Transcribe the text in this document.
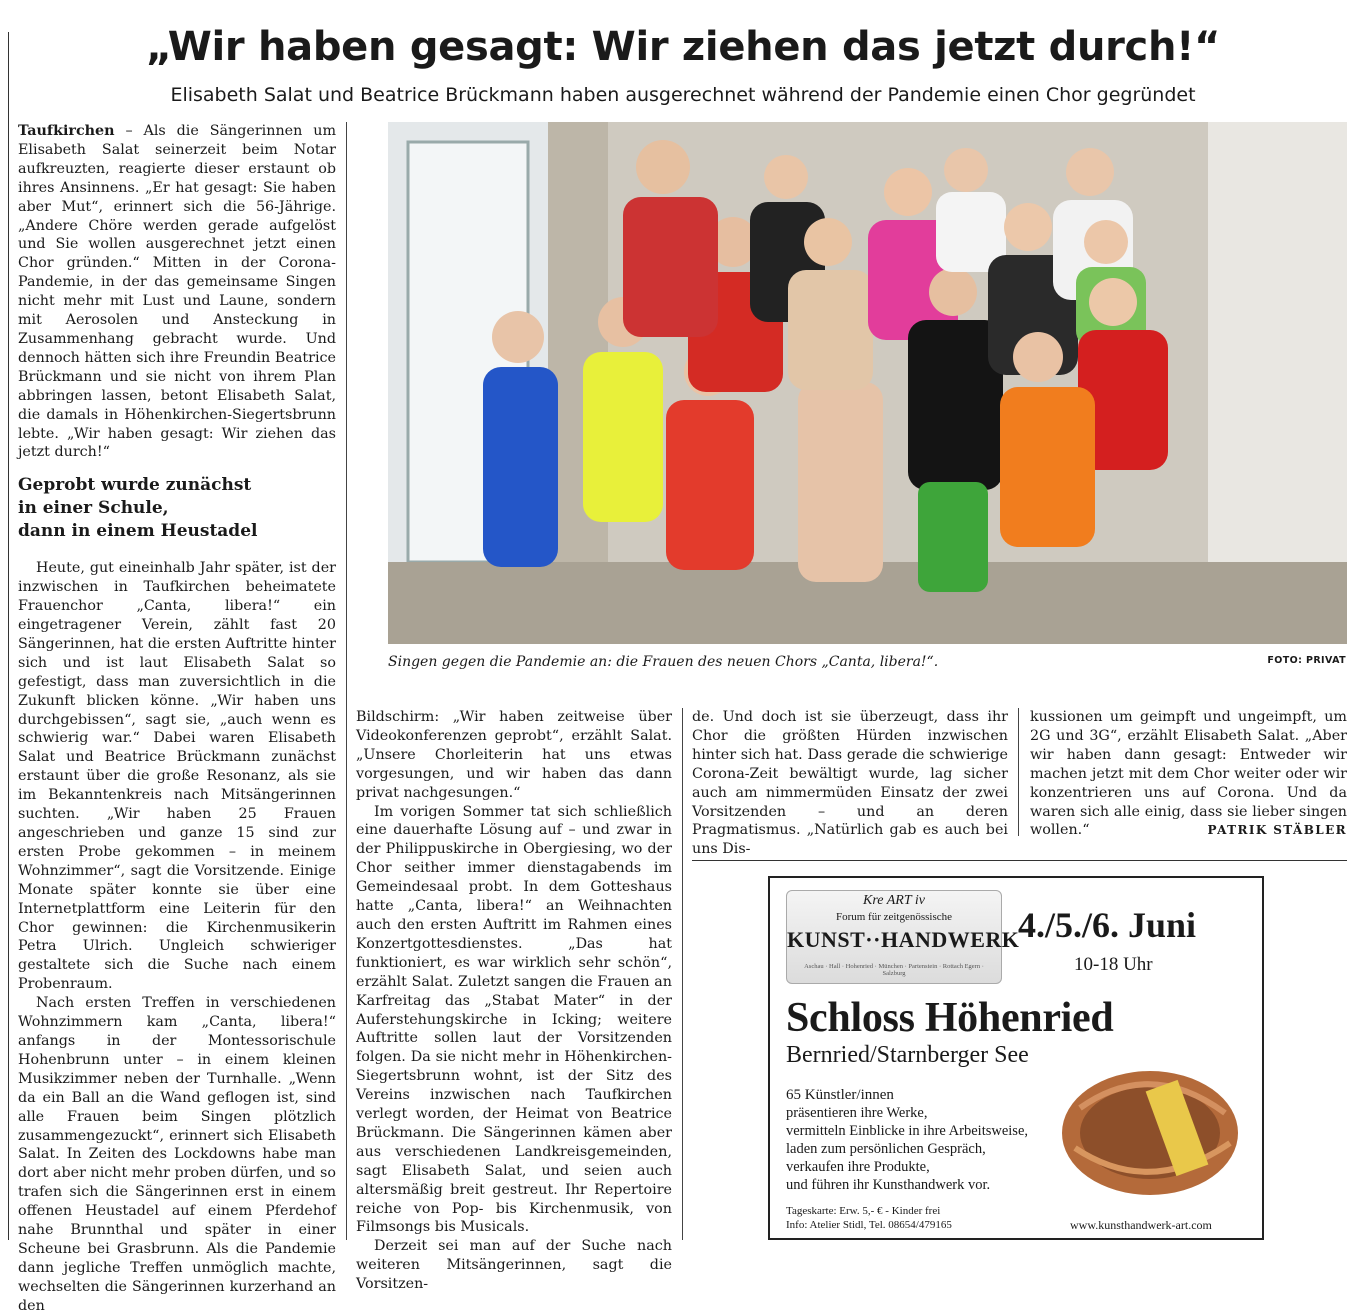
„Wir haben gesagt: Wir ziehen das jetzt durch!“
Elisabeth Salat und Beatrice Brückmann haben ausgerechnet während der Pandemie einen Chor gegründet

Taufkirchen – Als die Sängerinnen um Elisabeth Salat seinerzeit beim Notar aufkreuzten, reagierte dieser erstaunt ob ihres Ansinnens. „Er hat gesagt: Sie haben aber Mut“, erinnert sich die 56-Jährige. „Andere Chöre werden gerade aufgelöst und Sie wollen ausgerechnet jetzt einen Chor gründen.“ Mitten in der Corona-Pandemie, in der das gemeinsame Singen nicht mehr mit Lust und Laune, sondern mit Aerosolen und Ansteckung in Zusammenhang gebracht wurde. Und dennoch hätten sich ihre Freundin Beatrice Brückmann und sie nicht von ihrem Plan abbringen lassen, betont Elisabeth Salat, die damals in Höhenkirchen-Siegertsbrunn lebte. „Wir haben gesagt: Wir ziehen das jetzt durch!“

Geprobt wurde zunächst
in einer Schule,
dann in einem Heustadel

Heute, gut eineinhalb Jahr später, ist der inzwischen in Taufkirchen beheimatete Frauenchor „Canta, libera!“ ein eingetragener Verein, zählt fast 20 Sängerinnen, hat die ersten Auftritte hinter sich und ist laut Elisabeth Salat so gefestigt, dass man zuversichtlich in die Zukunft blicken könne. „Wir haben uns durchgebissen“, sagt sie, „auch wenn es schwierig war.“ Dabei waren Elisabeth Salat und Beatrice Brückmann zunächst erstaunt über die große Resonanz, als sie im Bekanntenkreis nach Mitsängerinnen suchten. „Wir haben 25 Frauen angeschrieben und ganze 15 sind zur ersten Probe gekommen – in meinem Wohnzimmer“, sagt die Vorsitzende. Einige Monate später konnte sie über eine Internetplattform eine Leiterin für den Chor gewinnen: die Kirchenmusikerin Petra Ulrich. Ungleich schwieriger gestaltete sich die Suche nach einem Probenraum.

Nach ersten Treffen in verschiedenen Wohnzimmern kam „Canta, libera!“ anfangs in der Montessorischule Hohenbrunn unter – in einem kleinen Musikzimmer neben der Turnhalle. „Wenn da ein Ball an die Wand geflogen ist, sind alle Frauen beim Singen plötzlich zusammengezuckt“, erinnert sich Elisabeth Salat. In Zeiten des Lockdowns habe man dort aber nicht mehr proben dürfen, und so trafen sich die Sängerinnen erst in einem offenen Heustadel auf einem Pferdehof nahe Brunnthal und später in einer Scheune bei Grasbrunn. Als die Pandemie dann jegliche Treffen unmöglich machte, wechselten die Sängerinnen kurzerhand an den

Singen gegen die Pandemie an: die Frauen des neuen Chors „Canta, libera!“.	FOTO: PRIVAT

Bildschirm: „Wir haben zeitweise über Videokonferenzen geprobt“, erzählt Salat. „Unsere Chorleiterin hat uns etwas vorgesungen, und wir haben das dann privat nachgesungen.“

Im vorigen Sommer tat sich schließlich eine dauerhafte Lösung auf – und zwar in der Philippuskirche in Obergiesing, wo der Chor seither immer dienstagabends im Gemeindesaal probt. In dem Gotteshaus hatte „Canta, libera!“ an Weihnachten auch den ersten Auftritt im Rahmen eines Konzertgottesdienstes. „Das hat funktioniert, es war wirklich sehr schön“, erzählt Salat. Zuletzt sangen die Frauen an Karfreitag das „Stabat Mater“ in der Auferstehungskirche in Icking; weitere Auftritte sollen laut der Vorsitzenden folgen. Da sie nicht mehr in Höhenkirchen-Siegertsbrunn wohnt, ist der Sitz des Vereins inzwischen nach Taufkirchen verlegt worden, der Heimat von Beatrice Brückmann. Die Sängerinnen kämen aber aus verschiedenen Landkreisgemeinden, sagt Elisabeth Salat, und seien auch altersmäßig breit gestreut. Ihr Repertoire reiche von Pop- bis Kirchenmusik, von Filmsongs bis Musicals.

Derzeit sei man auf der Suche nach weiteren Mitsängerinnen, sagt die Vorsitzen-

de. Und doch ist sie überzeugt, dass ihr Chor die größten Hürden inzwischen hinter sich hat. Dass gerade die schwierige Corona-Zeit bewältigt wurde, lag sicher auch am nimmermüden Einsatz der zwei Vorsitzenden – und an deren Pragmatismus. „Natürlich gab es auch bei uns Dis-

kussionen um geimpft und ungeimpft, um 2G und 3G“, erzählt Elisabeth Salat. „Aber wir haben dann gesagt: Entweder wir machen jetzt mit dem Chor weiter oder wir konzentrieren uns auf Corona. Und da waren sich alle einig, dass sie lieber singen wollen.“	PATRIK STÄBLER

Kre ART iv
Forum für zeitgenössische
KUNST··HANDWERK
Aschau · Hall · Hohenried · München · Partenstein · Rottach Egern · Salzburg
4./5./6. Juni
10-18 Uhr
Schloss Höhenried
Bernried/Starnberger See
65 Künstler/innen
präsentieren ihre Werke,
vermitteln Einblicke in ihre Arbeitsweise,
laden zum persönlichen Gespräch,
verkaufen ihre Produkte,
und führen ihr Kunsthandwerk vor.
Tageskarte: Erw. 5,- € - Kinder frei
Info: Atelier Stidl, Tel. 08654/479165	www.kunsthandwerk-art.com
